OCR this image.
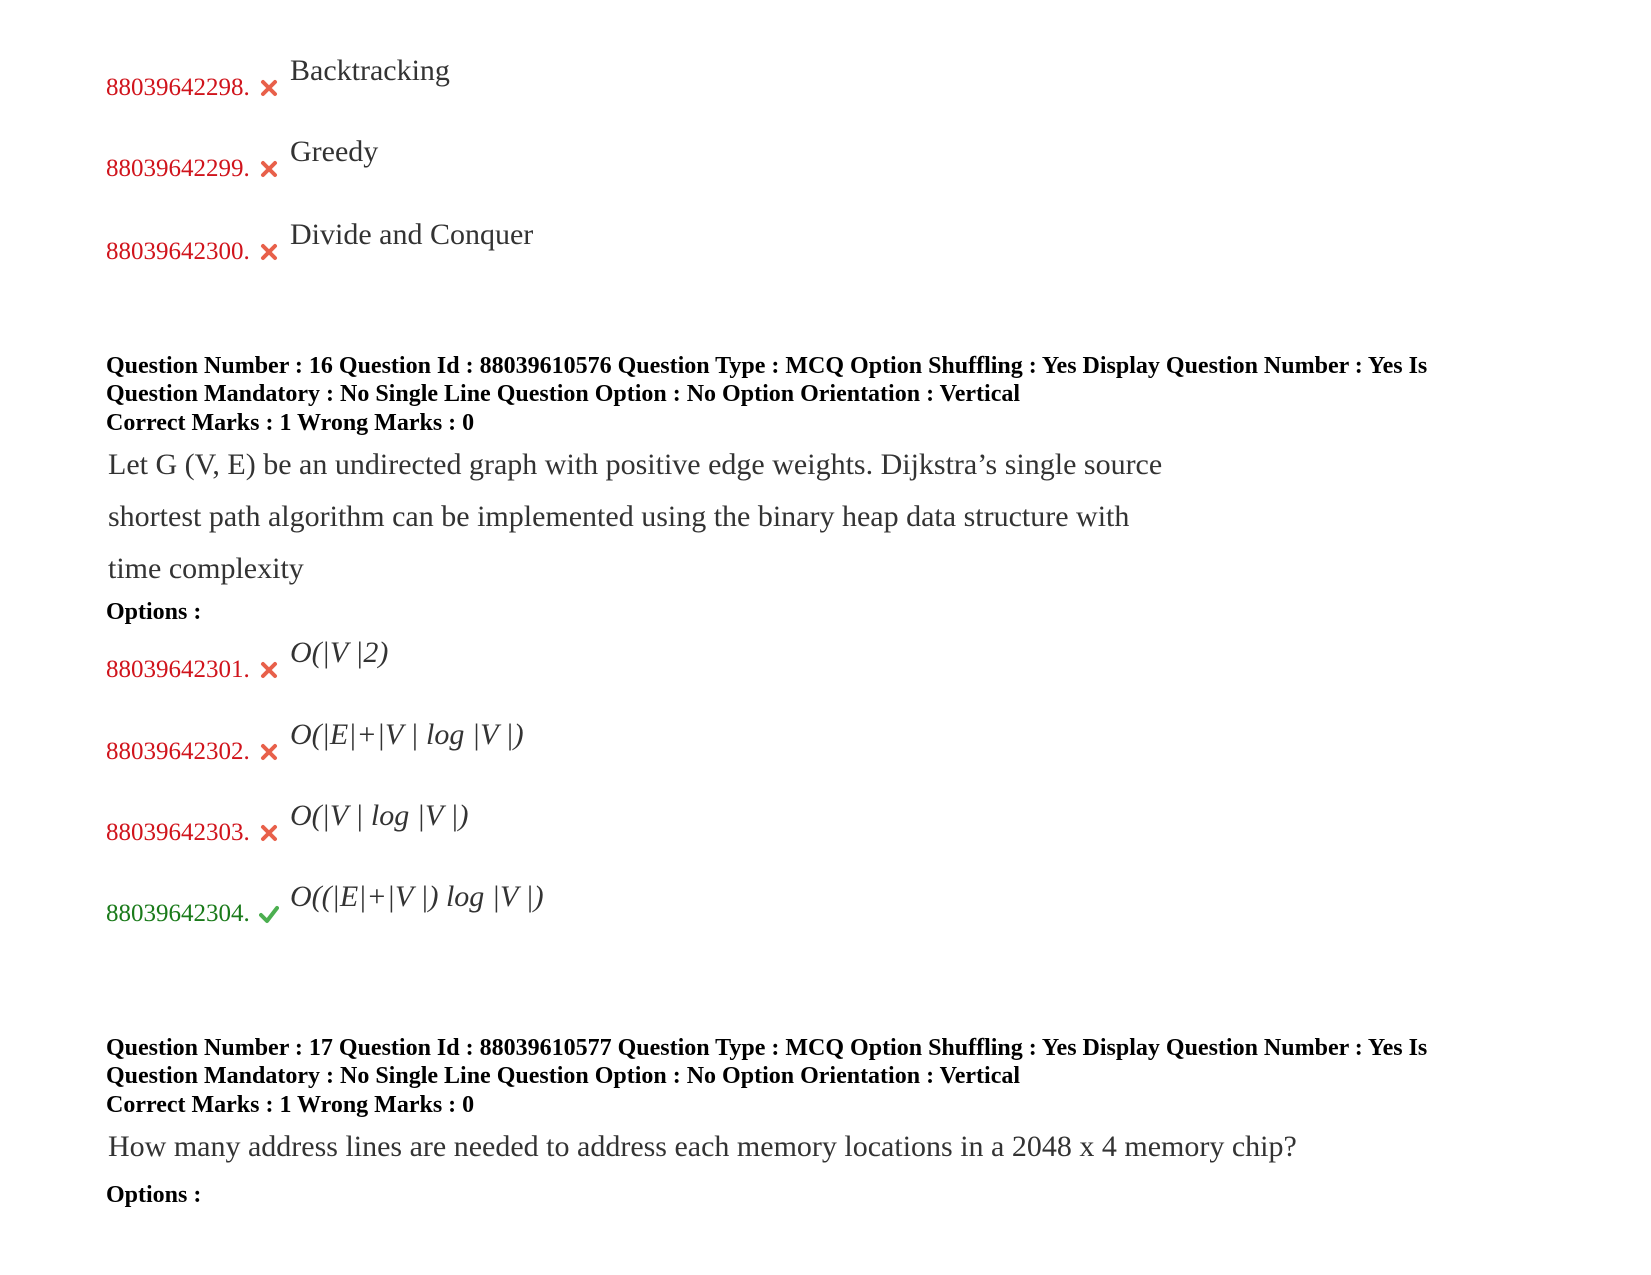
88039642298.
Backtracking
88039642299.
Greedy
88039642300.
Divide and Conquer
Question Number : 16 Question Id : 88039610576 Question Type : MCQ Option Shuffling : Yes Display Question Number : Yes Is
Question Mandatory : No Single Line Question Option : No Option Orientation : Vertical
Correct Marks : 1 Wrong Marks : 0
Let G (V, E) be an undirected graph with positive edge weights. Dijkstra’s single source
shortest path algorithm can be implemented using the binary heap data structure with
time complexity
Options :
88039642301.
O(|V |2)
88039642302.
O(|E|+|V | log |V |)
88039642303.
O(|V | log |V |)
88039642304.
O((|E|+|V |) log |V |)
Question Number : 17 Question Id : 88039610577 Question Type : MCQ Option Shuffling : Yes Display Question Number : Yes Is
Question Mandatory : No Single Line Question Option : No Option Orientation : Vertical
Correct Marks : 1 Wrong Marks : 0
How many address lines are needed to address each memory locations in a 2048 x 4 memory chip?
Options :
